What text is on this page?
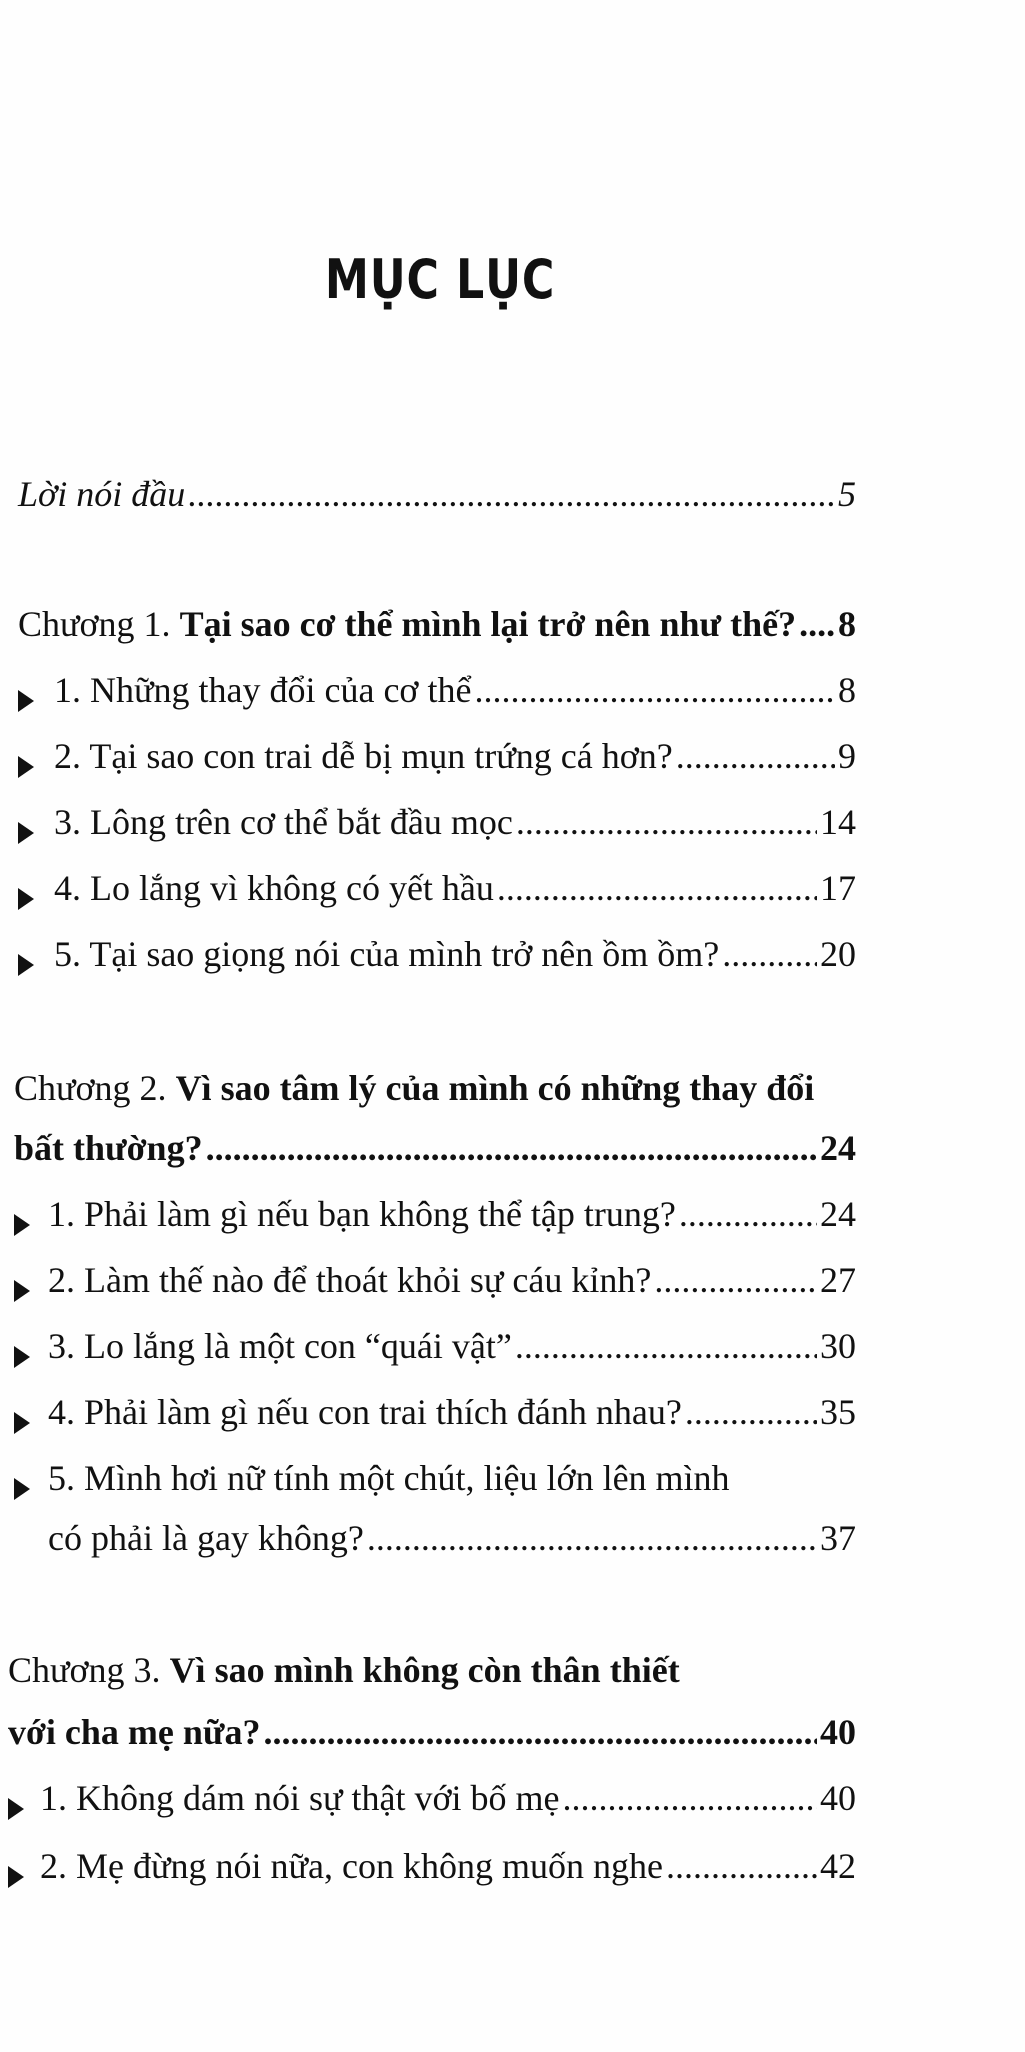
MỤC LỤC
Lời nói đầu .....	5
Chương 1.
Tại sao cơ thể mình lại trở nên như thế? ..... 8
1. Những thay đổi của cơ thể .....	8
2. Tại sao con trai dễ bị mụn trứng cá hơn? .....	9
3. Lông trên cơ thể bắt đầu mọc .....	14
4. Lo lắng vì không có yết hầu .....	17
5. Tại sao giọng nói của mình trở nên ồm ồm? .....	20
Chương 2. Vì sao tâm lý của mình có những thay đổi
bất thường? .....	24
1. Phải làm gì nếu bạn không thể tập trung? .....	24
2. Làm thế nào để thoát khỏi sự cáu kỉnh? .....	27
3. Lo lắng là một con “quái vật” .....	30
4. Phải làm gì nếu con trai thích đánh nhau? .....	35
5. Mình hơi nữ tính một chút, liệu lớn lên mình
có phải là gay không? .....	37
Chương 3. Vì sao mình không còn thân thiết
với cha mẹ nữa? .....	40
1. Không dám nói sự thật với bố mẹ .....	40
2. Mẹ đừng nói nữa, con không muốn nghe .....	42
